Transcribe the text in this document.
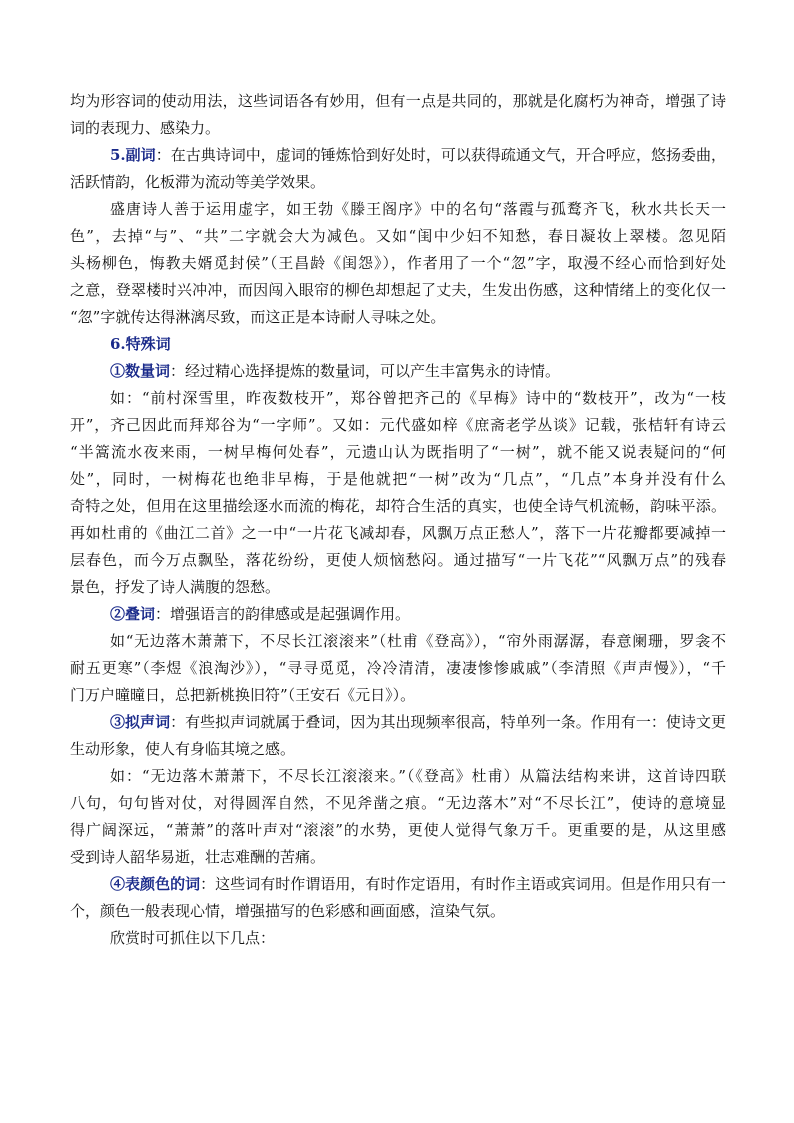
均为形容词的使动用法，这些词语各有妙用，但有一点是共同的，那就是化腐朽为神奇，增强了诗
词的表现力、感染力。
5.副词：在古典诗词中，虚词的锤炼恰到好处时，可以获得疏通文气，开合呼应，悠扬委曲，
活跃情韵，化板滞为流动等美学效果。
盛唐诗人善于运用虚字，如王勃《滕王阁序》中的名句“落霞与孤鹜齐飞，秋水共长天一
色”，去掉“与”、“共”二字就会大为减色。又如“闺中少妇不知愁，春日凝妆上翠楼。忽见陌
头杨柳色，悔教夫婿觅封侯”（王昌龄《闺怨》），作者用了一个“忽”字，取漫不经心而恰到好处
之意，登翠楼时兴冲冲，而因闯入眼帘的柳色却想起了丈夫，生发出伤感，这种情绪上的变化仅一
“忽”字就传达得淋漓尽致，而这正是本诗耐人寻味之处。
6.特殊词
①数量词：经过精心选择提炼的数量词，可以产生丰富隽永的诗情。
如：“前村深雪里，昨夜数枝开”，郑谷曾把齐己的《早梅》诗中的“数枝开”，改为“一枝
开”，齐己因此而拜郑谷为“一字师”。又如：元代盛如梓《庶斋老学丛谈》记载，张桔轩有诗云
“半篙流水夜来雨，一树早梅何处春”，元遗山认为既指明了“一树”，就不能又说表疑问的“何
处”，同时，一树梅花也绝非早梅，于是他就把“一树”改为“几点”，“几点”本身并没有什么
奇特之处，但用在这里描绘逐水而流的梅花，却符合生活的真实，也使全诗气机流畅，韵味平添。
再如杜甫的《曲江二首》之一中“一片花飞减却春，风飘万点正愁人”，落下一片花瓣都要减掉一
层春色，而今万点飘坠，落花纷纷，更使人烦恼愁闷。通过描写“一片飞花”“风飘万点”的残春
景色，抒发了诗人满腹的怨愁。
②叠词：增强语言的韵律感或是起强调作用。
如“无边落木萧萧下，不尽长江滚滚来”（杜甫《登高》），“帘外雨潺潺，春意阑珊，罗衾不
耐五更寒”（李煜《浪淘沙》），“寻寻觅觅，冷冷清清，凄凄惨惨戚戚”（李清照《声声慢》），“千
门万户曈曈日，总把新桃换旧符”（王安石《元日》）。
③拟声词：有些拟声词就属于叠词，因为其出现频率很高，特单列一条。作用有一：使诗文更
生动形象，使人有身临其境之感。
如：“无边落木萧萧下，不尽长江滚滚来。”（《登高》杜甫）从篇法结构来讲，这首诗四联
八句，句句皆对仗，对得圆浑自然，不见斧凿之痕。“无边落木”对“不尽长江”，使诗的意境显
得广阔深远，“萧萧”的落叶声对“滚滚”的水势，更使人觉得气象万千。更重要的是，从这里感
受到诗人韶华易逝，壮志难酬的苦痛。
④表颜色的词：这些词有时作谓语用，有时作定语用，有时作主语或宾词用。但是作用只有一
个，颜色一般表现心情，增强描写的色彩感和画面感，渲染气氛。
欣赏时可抓住以下几点：
